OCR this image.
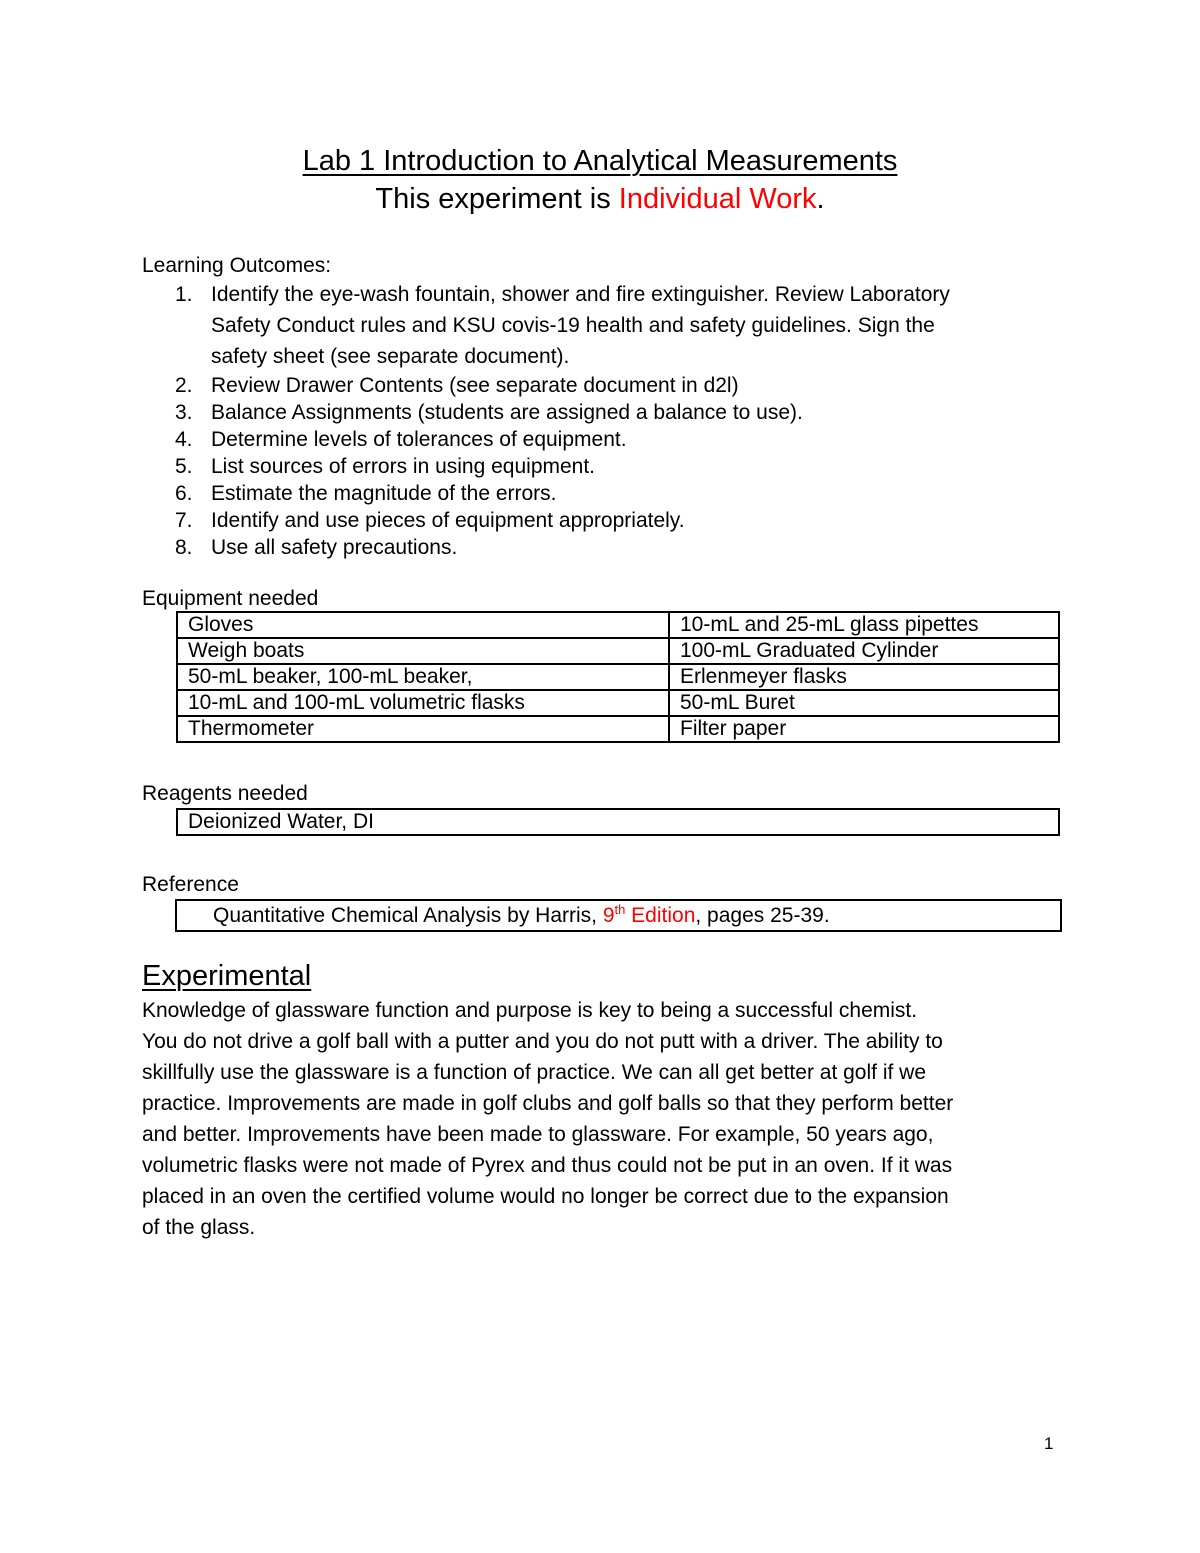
Lab 1 Introduction to Analytical Measurements
This experiment is Individual Work.
Learning Outcomes:
1. Identify the eye-wash fountain, shower and fire extinguisher. Review Laboratory
Safety Conduct rules and KSU covis-19 health and safety guidelines. Sign the
safety sheet (see separate document).
2. Review Drawer Contents (see separate document in d2l)
3. Balance Assignments (students are assigned a balance to use).
4. Determine levels of tolerances of equipment.
5. List sources of errors in using equipment.
6. Estimate the magnitude of the errors.
7. Identify and use pieces of equipment appropriately.
8. Use all safety precautions.
Equipment needed
Gloves	10-mL and 25-mL glass pipettes
Weigh boats	100-mL Graduated Cylinder
50-mL beaker, 100-mL beaker,	Erlenmeyer flasks
10-mL and 100-mL volumetric flasks	50-mL Buret
Thermometer	Filter paper
Reagents needed
Deionized Water, DI
Reference
Quantitative Chemical Analysis by Harris, 9th Edition, pages 25-39.
Experimental

Knowledge of glassware function and purpose is key to being a successful chemist.
You do not drive a golf ball with a putter and you do not putt with a driver. The ability to
skillfully use the glassware is a function of practice. We can all get better at golf if we
practice. Improvements are made in golf clubs and golf balls so that they perform better
and better. Improvements have been made to glassware. For example, 50 years ago,
volumetric flasks were not made of Pyrex and thus could not be put in an oven. If it was
placed in an oven the certified volume would no longer be correct due to the expansion
of the glass.

1
